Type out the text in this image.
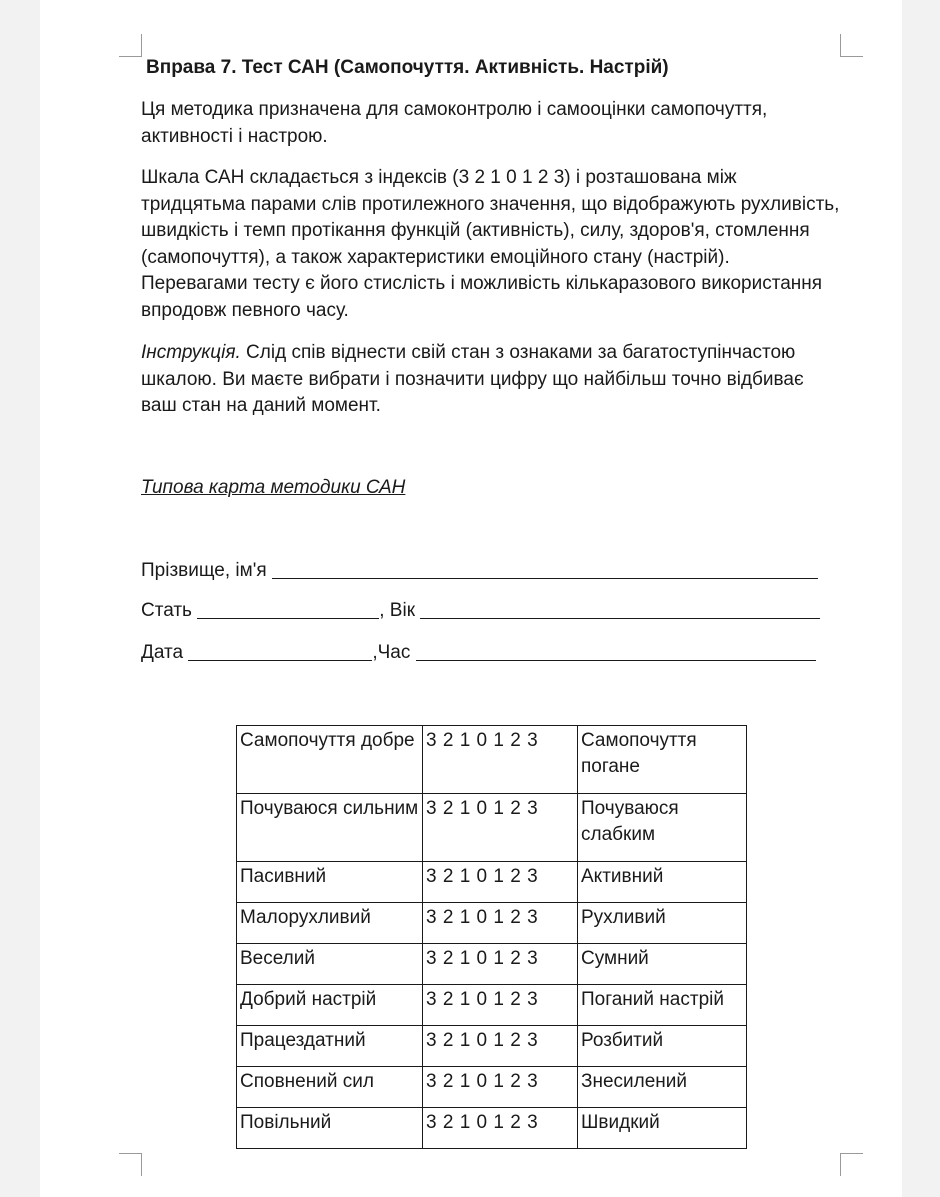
Вправа 7. Тест САН (Самопочуття. Активність. Настрій)

Ця методика призначена для самоконтролю і самооцінки самопочуття, активності і настрою.

Шкала САН складається з індексів (3 2 1 0 1 2 3) і розташована між тридцятьма парами слів протилежного значення, що відображують рухливість, швидкість і темп протікання функцій (активність), силу, здоров'я, стомлення (самопочуття), а також характеристики емоційного стану (настрій). Перевагами тесту є його стислість і можливість кількаразового використання впродовж певного часу.

Інструкція. Слід спів віднести свій стан з ознаками за багатоступінчастою шкалою. Ви маєте вибрати і позначити цифру що найбільш точно відбиває ваш стан на даний момент.

Типова карта методики САН
Прізвище, ім'я

Стать
	, Вік

Дата
	,Час

Самопочуття добре	3 2 1 0 1 2 3	Самопочуття погане
Почуваюся сильним	3 2 1 0 1 2 3	Почуваюся слабким
Пасивний	3 2 1 0 1 2 3	Активний
Малорухливий	3 2 1 0 1 2 3	Рухливий
Веселий	3 2 1 0 1 2 3	Сумний
Добрий настрій	3 2 1 0 1 2 3	Поганий настрій
Працездатний	3 2 1 0 1 2 3	Розбитий
Сповнений сил	3 2 1 0 1 2 3	Знесилений
Повільний	3 2 1 0 1 2 3	Швидкий
